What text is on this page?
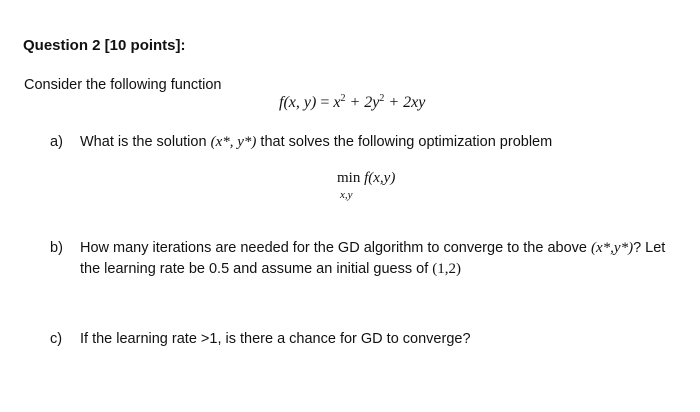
Question 2 [10 points]:
Consider the following function
f(x, $y) = x^2 + 2y^2 + 2xy$
a) What is the solution (x*, y*) that solves the following optimization problem
min f(x,y)
x,y
b) How many iterations are needed for the GD algorithm to converge to the above (x*,y*)? Let
the learning rate be 0.5 and assume an initial guess of (1,2)
c) If the learning rate >1, is there a chance for GD to converge?
